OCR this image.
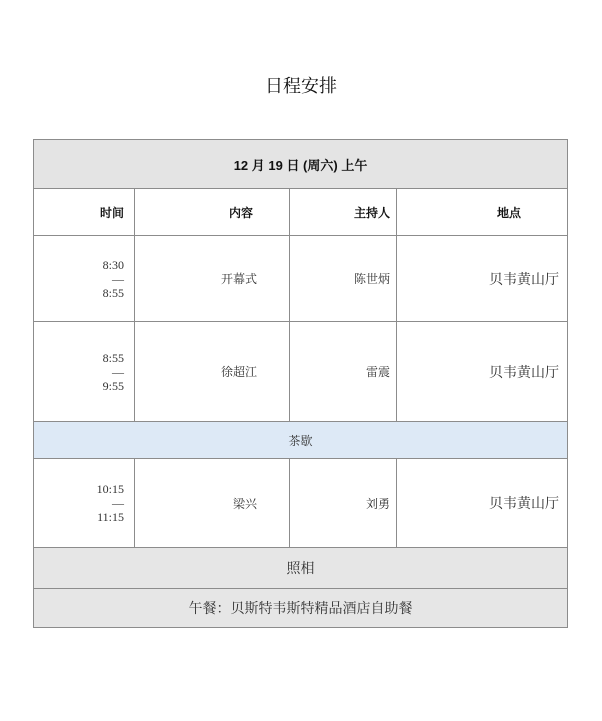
日程安排
12 月 19 日 (周六) 上午			
时间	内容	主持人	地点

8:30
—
8:55	开幕式	陈世炳	贝韦黄山厅

8:55
—
9:55	徐超江	雷震	贝韦黄山厅
茶歇			

10:15
—
11:15	梁兴	刘勇	贝韦黄山厅
照相			
午餐：贝斯特韦斯特精品酒店自助餐			
